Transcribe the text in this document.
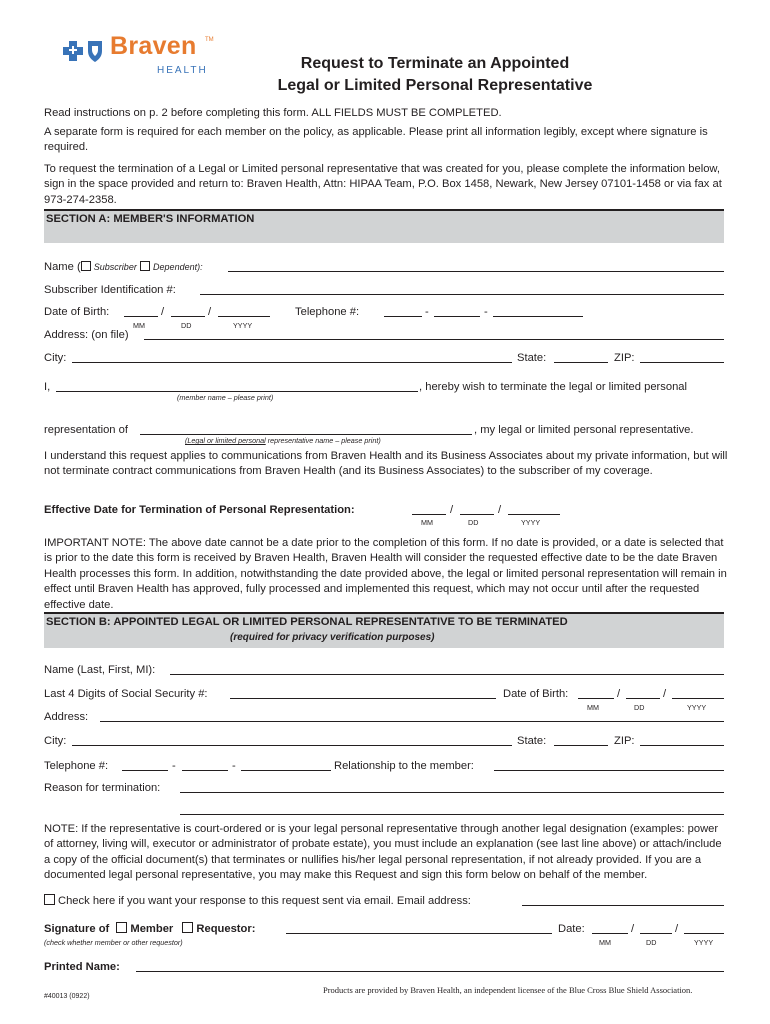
Braven TM
HEALTH	Request to Terminate an Appointed
Legal or Limited Personal Representative
Read instructions on p. 2 before completing this form. ALL FIELDS MUST BE COMPLETED.
A separate form is required for each member on the policy, as applicable. Please print all information legibly, except where signature is required.
To request the termination of a Legal or Limited personal representative that was created for you, please complete the information below, sign in the space provided and return to: Braven Health, Attn: HIPAA Team, P.O. Box 1458, Newark, New Jersey 07101-1458 or via fax at 973-274-2358.
SECTION A: MEMBER'S INFORMATION
Name ( Subscriber Dependent):
Subscriber Identification #:
Date of Birth:	/	/
MM	DD	YYYY
Telephone #:	-	-
Address: (on file)
City:	State:	ZIP:
I,	, hereby wish to terminate the legal or limited personal
(member name – please print)
representation of	, my legal or limited personal representative.
(Legal or limited personal representative name – please print)
I understand this request applies to communications from Braven Health and its Business Associates about my private information, but will not terminate contract communications from Braven Health (and its Business Associates) to the subscriber of my coverage.
Effective Date for Termination of Personal Representation:	/	/
MM	DD	YYYY
IMPORTANT NOTE: The above date cannot be a date prior to the completion of this form. If no date is provided, or a date is selected that is prior to the date this form is received by Braven Health, Braven Health will consider the requested effective date to be the date Braven Health processes this form. In addition, notwithstanding the date provided above, the legal or limited personal representation will remain in effect until Braven Health has approved, fully processed and implemented this request, which may not occur until after the requested effective date.
SECTION B: APPOINTED LEGAL OR LIMITED PERSONAL REPRESENTATIVE TO BE TERMINATED
(required for privacy verification purposes)
Name (Last, First, MI):
Last 4 Digits of Social Security #:	Date of Birth:	/	/
MM	DD	YYYY
Address:
City:	State:	ZIP:
Telephone #:	-	-	Relationship to the member:
Reason for termination:
NOTE: If the representative is court-ordered or is your legal personal representative through another legal designation (examples: power of attorney, living will, executor or administrator of probate estate), you must include an explanation (see last line above) or attach/include a copy of the official document(s) that terminates or nullifies his/her legal personal representation, if not already provided. If you are a documented legal personal representative, you may make this Request and sign this form below on behalf of the member.
Check here if you want your response to this request sent via email. Email address:
Signature of Member Requestor:
(check whether member or other requestor)
Date:	/	/
MM	DD	YYYY
Printed Name:
#40013 (0922)
Products are provided by Braven Health, an independent licensee of the Blue Cross Blue Shield Association.
